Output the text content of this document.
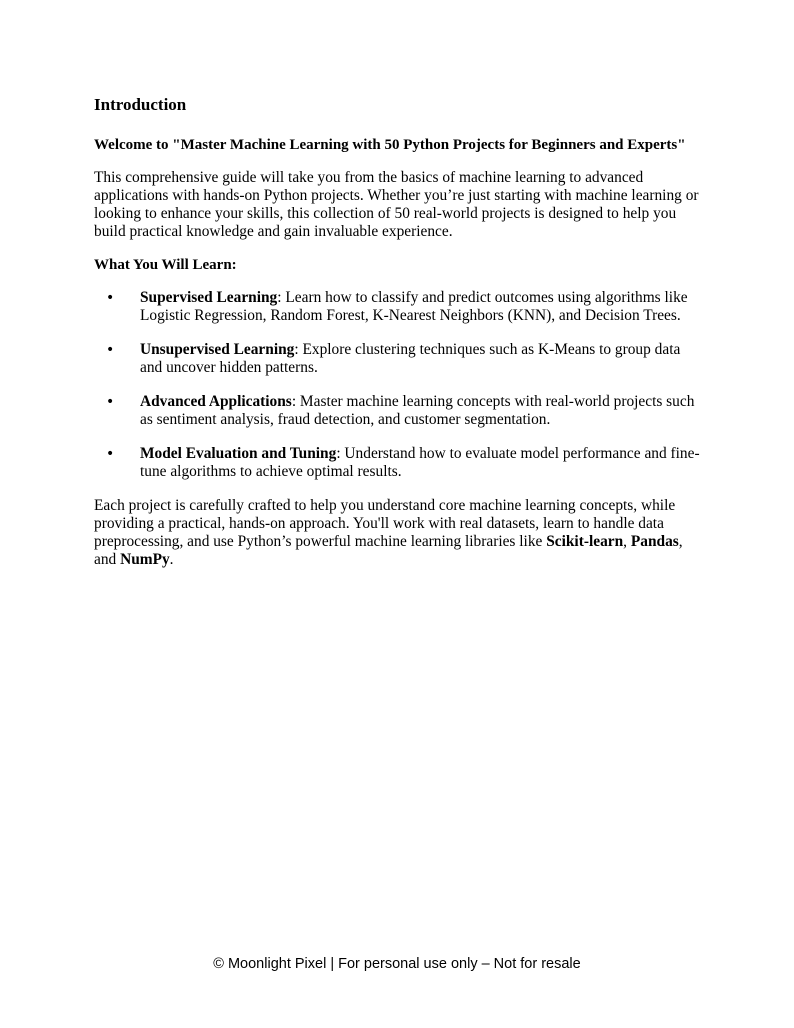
Introduction
Welcome to "Master Machine Learning with 50 Python Projects for Beginners and Experts"

This comprehensive guide will take you from the basics of machine learning to advanced applications with hands-on Python projects. Whether you’re just starting with machine learning or looking to enhance your skills, this collection of 50 real-world projects is designed to help you build practical knowledge and gain invaluable experience.

What You Will Learn:
• Supervised Learning: Learn how to classify and predict outcomes using algorithms like Logistic Regression, Random Forest, K-Nearest Neighbors (KNN), and Decision Trees.
• Unsupervised Learning: Explore clustering techniques such as K-Means to group data and uncover hidden patterns.
• Advanced Applications: Master machine learning concepts with real-world projects such as sentiment analysis, fraud detection, and customer segmentation.
• Model Evaluation and Tuning: Understand how to evaluate model performance and fine-tune algorithms to achieve optimal results.

Each project is carefully crafted to help you understand core machine learning concepts, while providing a practical, hands-on approach. You'll work with real datasets, learn to handle data preprocessing, and use Python’s powerful machine learning libraries like Scikit-learn, Pandas, and NumPy.

© Moonlight Pixel | For personal use only – Not for resale
